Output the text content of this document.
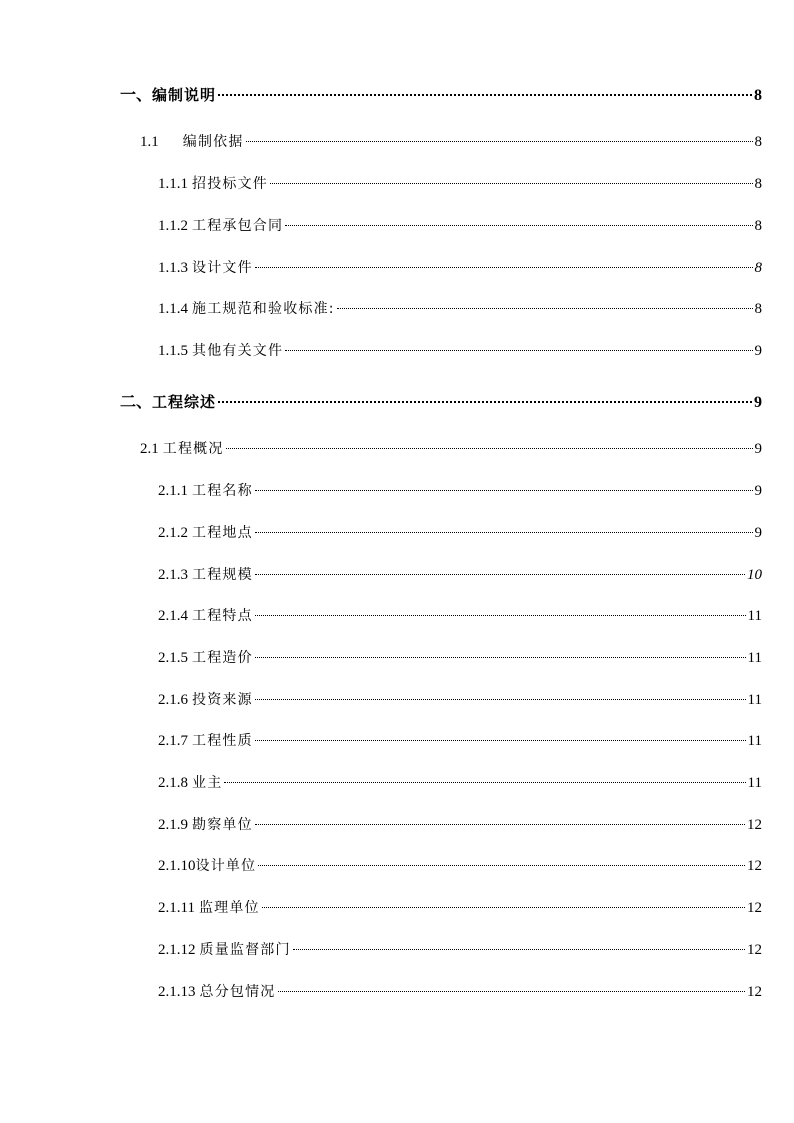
一、 编制说明	8
1.1 编制依据	8
1.1.1 招投标文件	8
1.1.2 工程承包合同	8
1.1.3 设计文件	8
1.1.4 施工规范和验收标准:	8
1.1.5 其他有关文件	9
二、 工程综述	9
2.1 工程概况	9
2.1.1 工程名称	9
2.1.2 工程地点	9
2.1.3 工程规模	10
2.1.4 工程特点	11
2.1.5 工程造价	11
2.1.6 投资来源	11
2.1.7 工程性质	11
2.1.8 业主	11
2.1.9 勘察单位	12
2.1.10 设计单位	12
2.1.11 监理单位	12
2.1.12 质量监督部门	12
2.1.13 总分包情况	12
